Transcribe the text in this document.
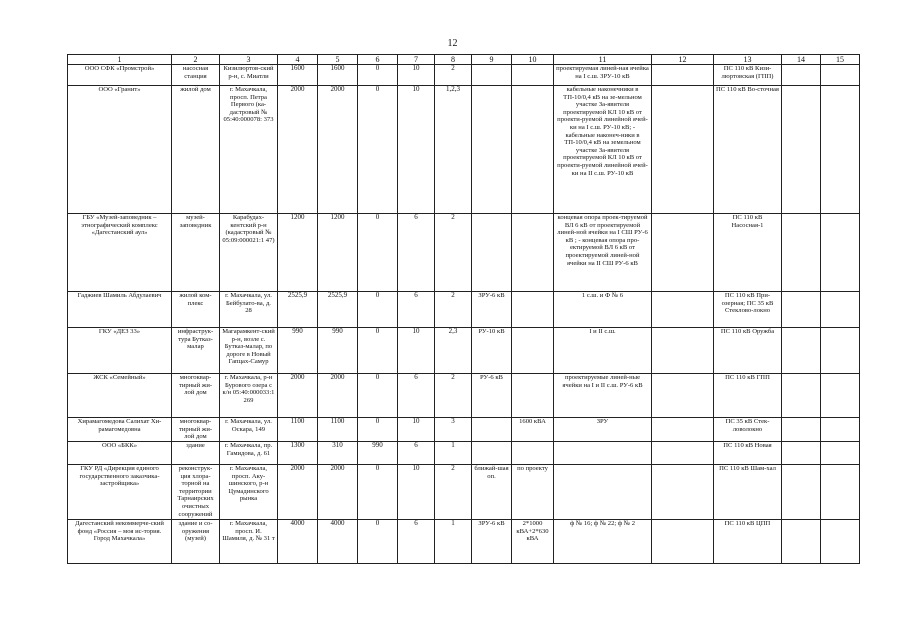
12
1	2	3	4	5	6	7	8	9	10	11	12	13	14	15
ООО СФК «Промстрой»	насосная станция	Кизилюртов-ский р-н, с. Миатли	1600	1600	0	10	2			проектируемая линей-ная ячейка на I с.ш. ЗРУ-10 кВ		ПС 110 кВ Кизи-люртовская (ГПП)		
ООО «Гранит»	жилой дом	г. Махачкала, просп. Петра Первого (ка-дастровый № 05:40:000078: 373	2000	2000	0	10	1,2,3			кабельные наконечники в ТП-10/0,4 кВ на зе-мельном участке За-явителя проектируемой КЛ 10 кВ от проекти-руемой линейной ячей-ки на I с.ш. РУ-10 кВ; - кабельные наконеч-ники в ТП-10/0,4 кВ на земельном участке За-явителя проектируемой КЛ 10 кВ от проекти-руемой линейной ячей-ки на II с.ш. РУ-10 кВ		ПС 110 кВ Во-сточная		
ГБУ «Музей-заповедник – этнографический комплекс «Дагестанский аул»	музей-заповедник	Карабудах-кентский р-н (кадастровый № 05:09:000021:1 47)	1200	1200	0	6	2			концевая опора проек-тируемой ВЛ 6 кВ от проектируемой линей-ной ячейки на I СШ РУ-6 кВ ; - концевая опора про-ектируемой ВЛ 6 кВ от проектируемой линей-ной ячейки на II СШ РУ-6 кВ		ПС 110 кВ Насосная-1		
Гаджиев Шамиль Абдулаевич	жилой ком-плекс	г. Махачкала, ул. Бейбулато-ва, д. 28	2525,9	2525,9	0	6	2	ЗРУ-6 кВ		1 с.ш. и Ф № 6		ПС 110 кВ При-озерная; ПС 35 кВ Стеклово-локно		
ГКУ «ДЕЗ 33»	инфраструк-тура Бутказ-малар	Магарамкент-ский р-н, возле с. Бутказ-малар, по дороге в Новый Гапцах-Самур	990	990	0	10	2,3	РУ-10 кВ		I и II с.ш.		ПС 110 кВ Оружба		
ЖСК «Семейный»	многоквар-тирный жи-лой дом	г. Махачкала, р-н Бурового озера с к/н 05:40:000033:1 269	2000	2000	0	6	2	РУ-6 кВ		проектируемые линей-ные ячейки на I и II с.ш. РУ-6 кВ		ПС 110 кВ ГПП		
Хирамагомедова Салихат Хи-рамагомедовна	многоквар-тирный жи-лой дом	г. Махачкала, ул. Оскара, 149	1100	1100	0	10	3		1600 кВА	ЗРУ		ПС 35 кВ Стек-ловолокно		
ООО «БКК»	здание	г. Махачкала, пр. Гамидова, д. 61	1300	310	990	6	1					ПС 110 кВ Новая		
ГКУ РД «Дирекция единого государственного заказчика-застройщика»	реконструк-ция хлора-торной на территории Тарнаирских очистных сооружений	г. Махачкала, просп. Аку-шинского, р-н Цумадинского рынка	2000	2000	0	10	2	ближай-шая оп.	по проекту			ПС 110 кВ Шам-хал		
Дагестанский некоммерче-ский фонд «Россия – моя ис-тория. Город Махачкала»	здание и со-оружения (музей)	г. Махачкала, просп. И. Шамиля, д. № 31 т	4000	4000	0	6	1	ЗРУ-6 кВ	2*1000 кВА+2*630 кВА	ф № 16; ф № 22; ф № 2		ПС 110 кВ ЦПП		
